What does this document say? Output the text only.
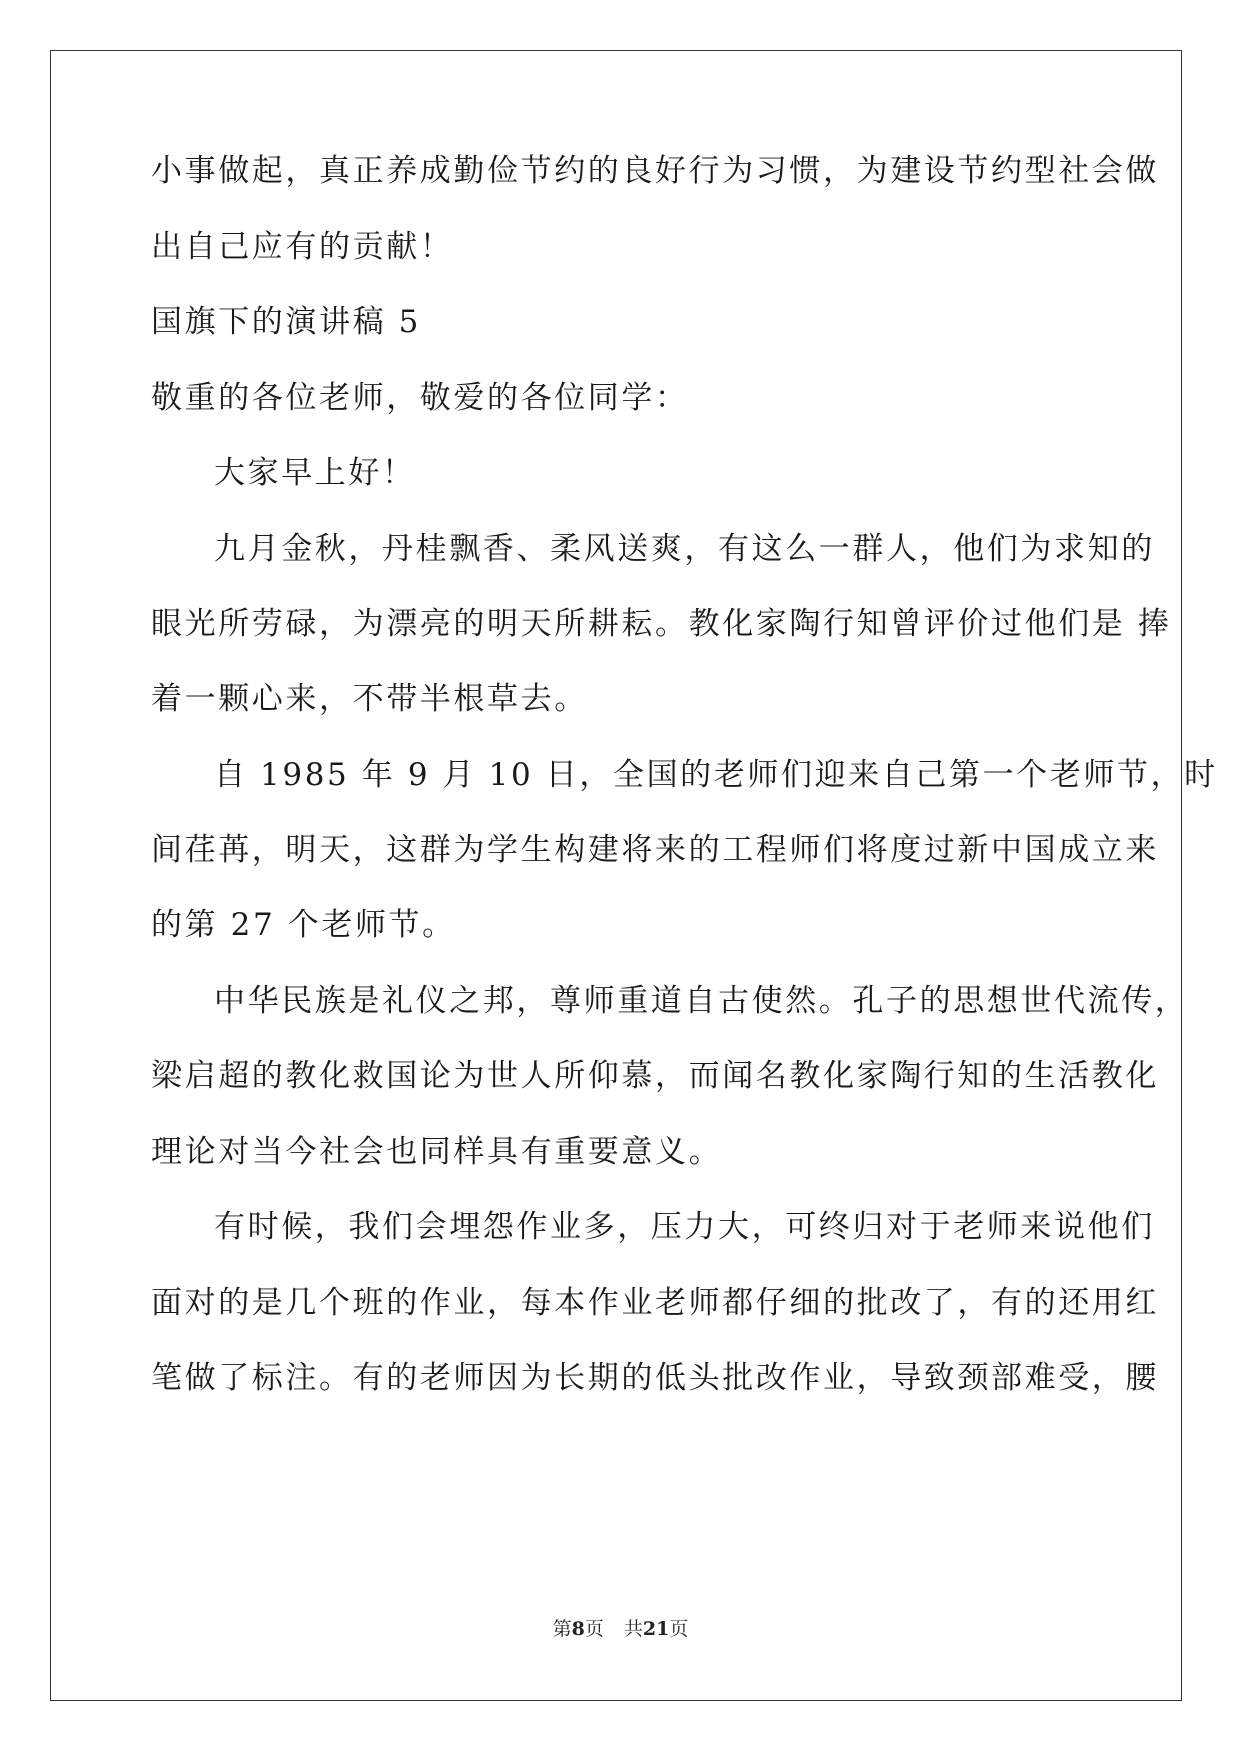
小事做起，真正养成勤俭节约的良好行为习惯，为建设节约型社会做
出自己应有的贡献！
国旗下的演讲稿 5
敬重的各位老师，敬爱的各位同学：
大家早上好！
九月金秋，丹桂飘香、柔风送爽，有这么一群人，他们为求知的
眼光所劳碌，为漂亮的明天所耕耘。教化家陶行知曾评价过他们是 捧
着一颗心来，不带半根草去。
自 1985 年 9 月 10 日，全国的老师们迎来自己第一个老师节，时
间荏苒，明天，这群为学生构建将来的工程师们将度过新中国成立来
的第 27 个老师节。
中华民族是礼仪之邦，尊师重道自古使然。孔子的思想世代流传，
梁启超的教化救国论为世人所仰慕，而闻名教化家陶行知的生活教化
理论对当今社会也同样具有重要意义。
有时候，我们会埋怨作业多，压力大，可终归对于老师来说他们
面对的是几个班的作业，每本作业老师都仔细的批改了，有的还用红
笔做了标注。有的老师因为长期的低头批改作业，导致颈部难受，腰
第8页 共21页
